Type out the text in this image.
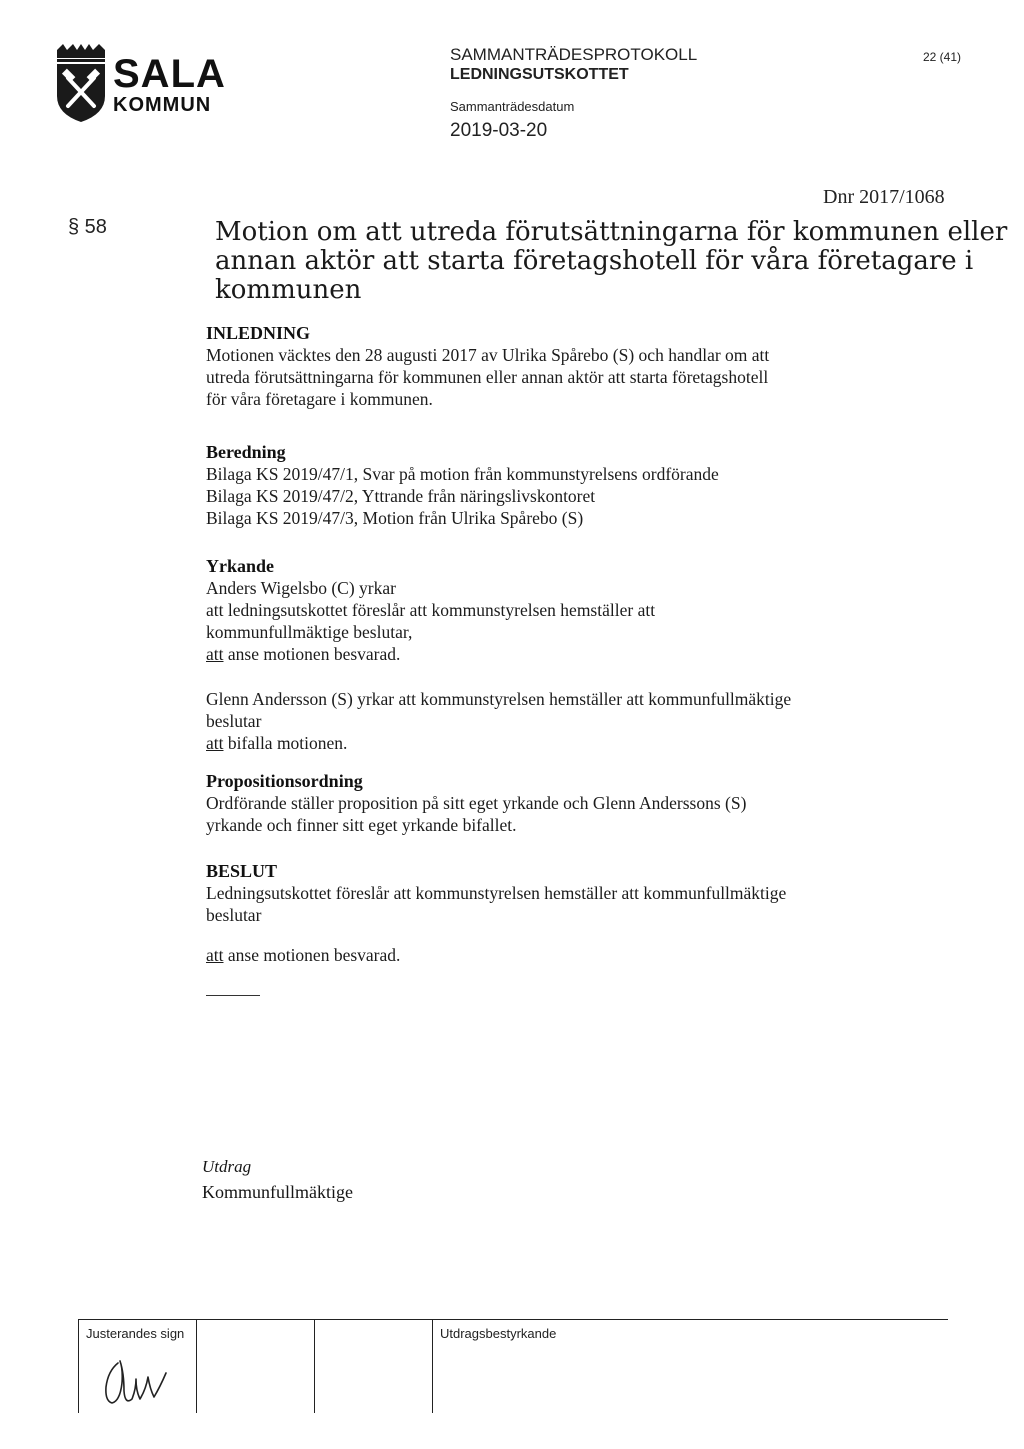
SALA
KOMMUN
SAMMANTRÄDESPROTOKOLL
LEDNINGSUTSKOTTET
Sammanträdesdatum
2019-03-20
22 (41)
Dnr 2017/1068
§ 58	Motion om att utreda förutsättningarna för kommunen eller
annan aktör att starta företagshotell för våra företagare i
kommunen
INLEDNING
Motionen väcktes den 28 augusti 2017 av Ulrika Spårebo (S) och handlar om att
utreda förutsättningarna för kommunen eller annan aktör att starta företagshotell
för våra företagare i kommunen.
Beredning
Bilaga KS 2019/47/1, Svar på motion från kommunstyrelsens ordförande
Bilaga KS 2019/47/2, Yttrande från näringslivskontoret
Bilaga KS 2019/47/3, Motion från Ulrika Spårebo (S)
Yrkande
Anders Wigelsbo (C) yrkar
att ledningsutskottet föreslår att kommunstyrelsen hemställer att
kommunfullmäktige beslutar,
att anse motionen besvarad.
Glenn Andersson (S) yrkar att kommunstyrelsen hemställer att kommunfullmäktige
beslutar
att bifalla motionen.
Propositionsordning
Ordförande ställer proposition på sitt eget yrkande och Glenn Anderssons (S)
yrkande och finner sitt eget yrkande bifallet.
BESLUT
Ledningsutskottet föreslår att kommunstyrelsen hemställer att kommunfullmäktige
beslutar
att anse motionen besvarad.
Utdrag
Kommunfullmäktige
Justerandes sign	Utdragsbestyrkande
